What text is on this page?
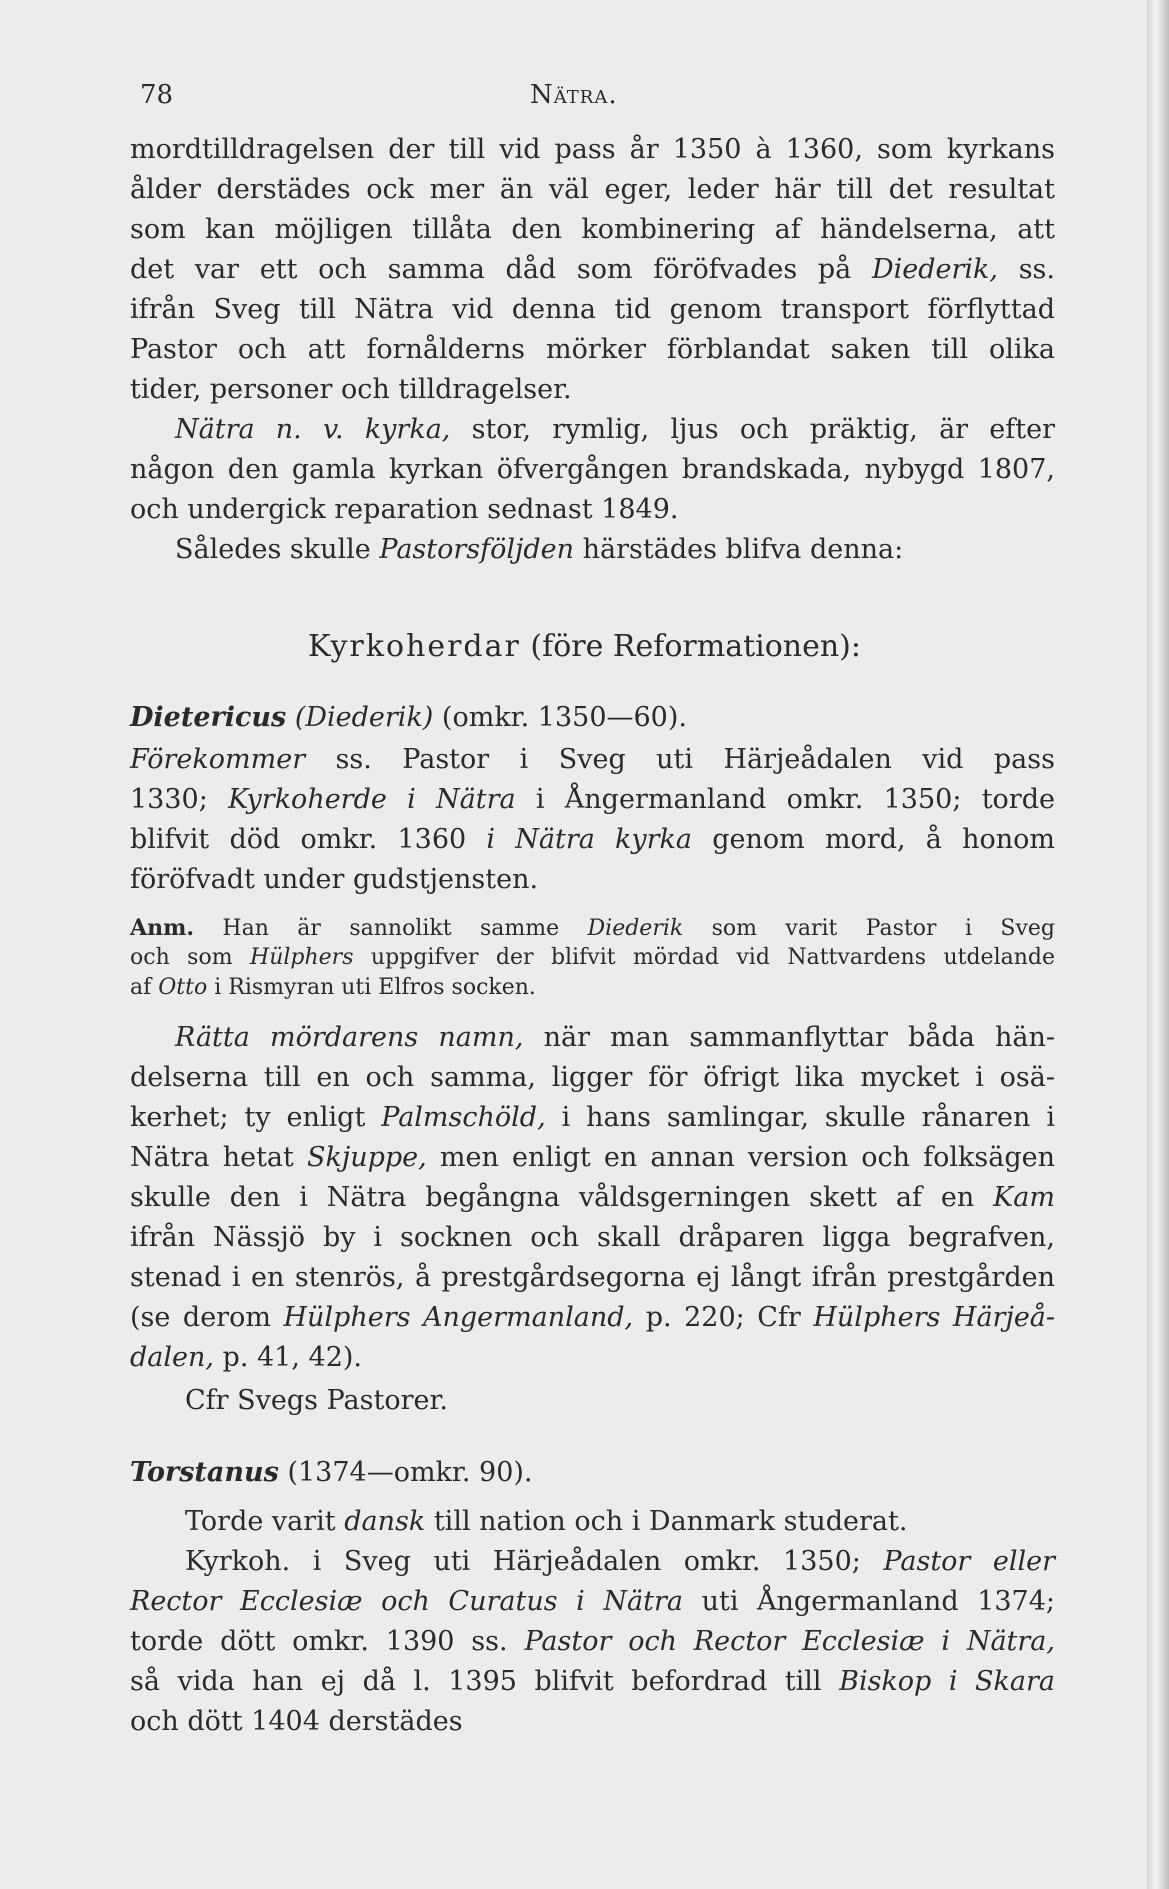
78	Nätra.
mordtilldragelsen der till vid pass år 1350 à 1360, som kyrkans
ålder derstädes ock mer än väl eger, leder här till det resultat
som kan möjligen tillåta den kombinering af händelserna, att
det var ett och samma dåd som föröfvades på Diederik, ss.
ifrån Sveg till Nätra vid denna tid genom transport förflyttad
Pastor och att fornålderns mörker förblandat saken till olika
tider, personer och tilldragelser.
Nätra n. v. kyrka, stor, rymlig, ljus och präktig, är efter
någon den gamla kyrkan öfvergången brandskada, nybygd 1807,
och undergick reparation sednast 1849.
Således skulle Pastorsföljden härstädes blifva denna:
Kyrkoherdar (före Reformationen):
Dietericus (Diederik) (omkr. 1350—60).
Förekommer ss. Pastor i Sveg uti Härjeådalen vid pass
1330; Kyrkoherde i Nätra i Ångermanland omkr. 1350; torde
blifvit död omkr. 1360 i Nätra kyrka genom mord, å honom
föröfvadt under gudstjensten.
Anm. Han är sannolikt samme Diederik som varit Pastor i Sveg
och som Hülphers uppgifver der blifvit mördad vid Nattvardens utdelande
af Otto i Rismyran uti Elfros socken.
Rätta mördarens namn, när man sammanflyttar båda hän-
delserna till en och samma, ligger för öfrigt lika mycket i osä-
kerhet; ty enligt Palmschöld, i hans samlingar, skulle rånaren i
Nätra hetat Skjuppe, men enligt en annan version och folksägen
skulle den i Nätra begångna våldsgerningen skett af en Kam
ifrån Nässjö by i socknen och skall dråparen ligga begrafven,
stenad i en stenrös, å prestgårdsegorna ej långt ifrån prestgården
(se derom Hülphers Angermanland, p. 220; Cfr Hülphers Härjeå-
dalen, p. 41, 42).
Cfr Svegs Pastorer.
Torstanus (1374—omkr. 90).
Torde varit dansk till nation och i Danmark studerat.
Kyrkoh. i Sveg uti Härjeådalen omkr. 1350; Pastor eller
Rector Ecclesiæ och Curatus i Nätra uti Ångermanland 1374;
torde dött omkr. 1390 ss. Pastor och Rector Ecclesiæ i Nätra,
så vida han ej då l. 1395 blifvit befordrad till Biskop i Skara
och dött 1404 derstädes
